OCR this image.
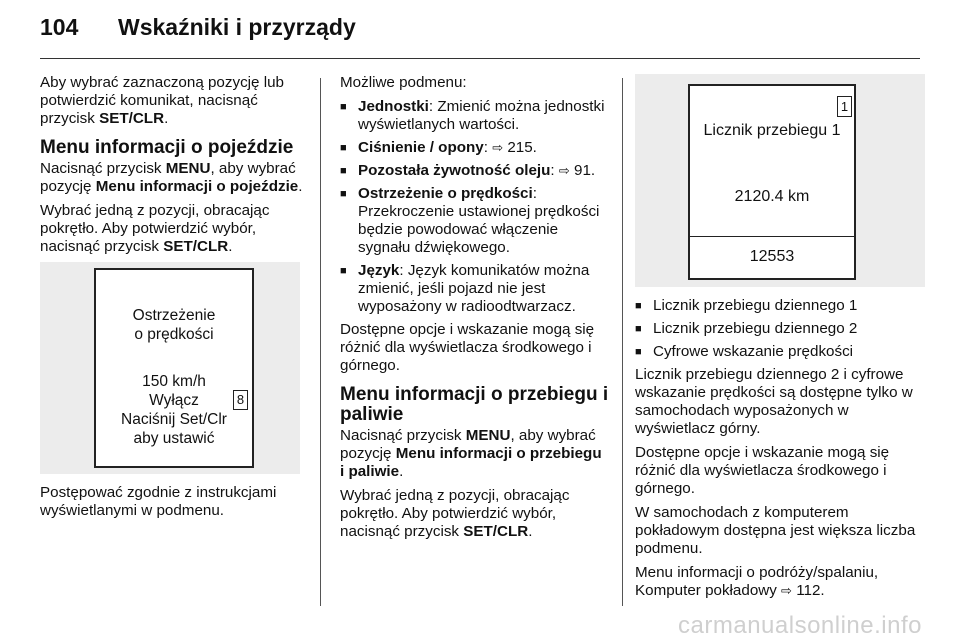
104 Wskaźniki i przyrządy

Aby wybrać zaznaczoną pozycję lub potwierdzić komunikat, nacisnąć przycisk SET/CLR.

Menu informacji o pojeździe

Nacisnąć przycisk MENU, aby wybrać pozycję Menu informacji o pojeździe.

Wybrać jedną z pozycji, obracając pokrętło. Aby potwierdzić wybór, nacisnąć przycisk SET/CLR.

Ostrzeżenie
o prędkości
150 km/h
Wyłącz
Naciśnij Set/Clr
aby ustawić
8

Postępować zgodnie z instrukcjami wyświetlanymi w podmenu.

Możliwe podmenu:

■ Jednostki: Zmienić można jednostki wyświetlanych wartości.
■ Ciśnienie / opony: ⇨ 215.
■ Pozostała żywotność oleju: ⇨ 91.
■ Ostrzeżenie o prędkości: Przekroczenie ustawionej prędkości będzie powodować włączenie sygnału dźwiękowego.
■ Język: Język komunikatów można zmienić, jeśli pojazd nie jest wyposażony w radioodtwarzacz.

Dostępne opcje i wskazanie mogą się różnić dla wyświetlacza środkowego i górnego.

Menu informacji o przebiegu i paliwie

Nacisnąć przycisk MENU, aby wybrać pozycję Menu informacji o przebiegu i paliwie.

Wybrać jedną z pozycji, obracając pokrętło. Aby potwierdzić wybór, nacisnąć przycisk SET/CLR.

1
Licznik przebiegu 1
2120.4 km
12553
■ Licznik przebiegu dziennego 1
■ Licznik przebiegu dziennego 2
■ Cyfrowe wskazanie prędkości

Licznik przebiegu dziennego 2 i cyfrowe wskazanie prędkości są dostępne tylko w samochodach wyposażonych w wyświetlacz górny.

Dostępne opcje i wskazanie mogą się różnić dla wyświetlacza środkowego i górnego.

W samochodach z komputerem pokładowym dostępna jest większa liczba podmenu.

Menu informacji o podróży/spalaniu, Komputer pokładowy ⇨ 112.

carmanualsonline.info
